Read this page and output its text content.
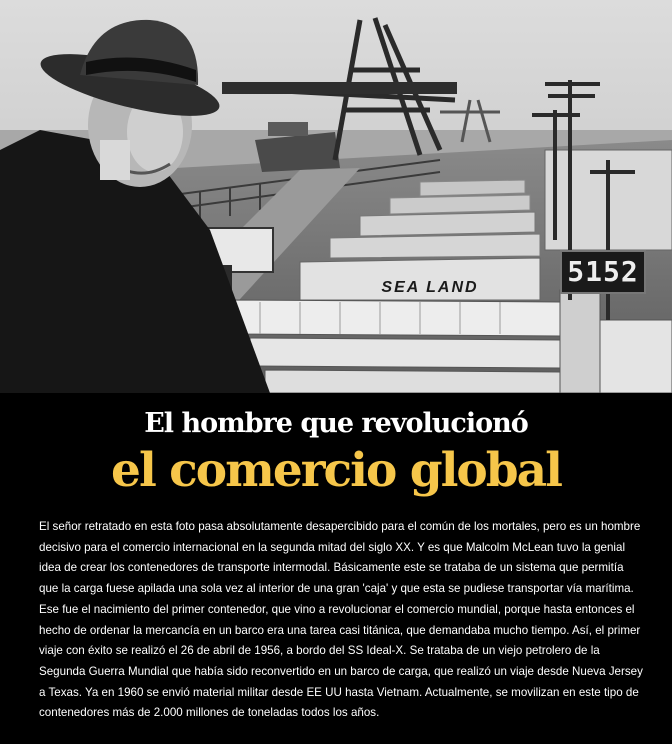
SEA LAND	5152
El hombre que revolucionó
el comercio global

El señor retratado en esta foto pasa absolutamente desapercibido para el común de los mortales, pero es un hombre decisivo para el comercio internacional en la segunda mitad del siglo XX. Y es que Malcolm McLean tuvo la genial idea de crear los contenedores de transporte intermodal. Básicamente este se trataba de un sistema que permitía que la carga fuese apilada una sola vez al interior de una gran 'caja' y que esta se pudiese transportar vía marítima. Ese fue el nacimiento del primer contenedor, que vino a revolucionar el comercio mundial, porque hasta entonces el hecho de ordenar la mercancía en un barco era una tarea casi titánica, que demandaba mucho tiempo. Así, el primer viaje con éxito se realizó el 26 de abril de 1956, a bordo del SS Ideal-X. Se trataba de un viejo petrolero de la Segunda Guerra Mundial que había sido reconvertido en un barco de carga, que realizó un viaje desde Nueva Jersey a Texas. Ya en 1960 se envió material militar desde EE UU hasta Vietnam. Actualmente, se movilizan en este tipo de contenedores más de 2.000 millones de toneladas todos los años.
